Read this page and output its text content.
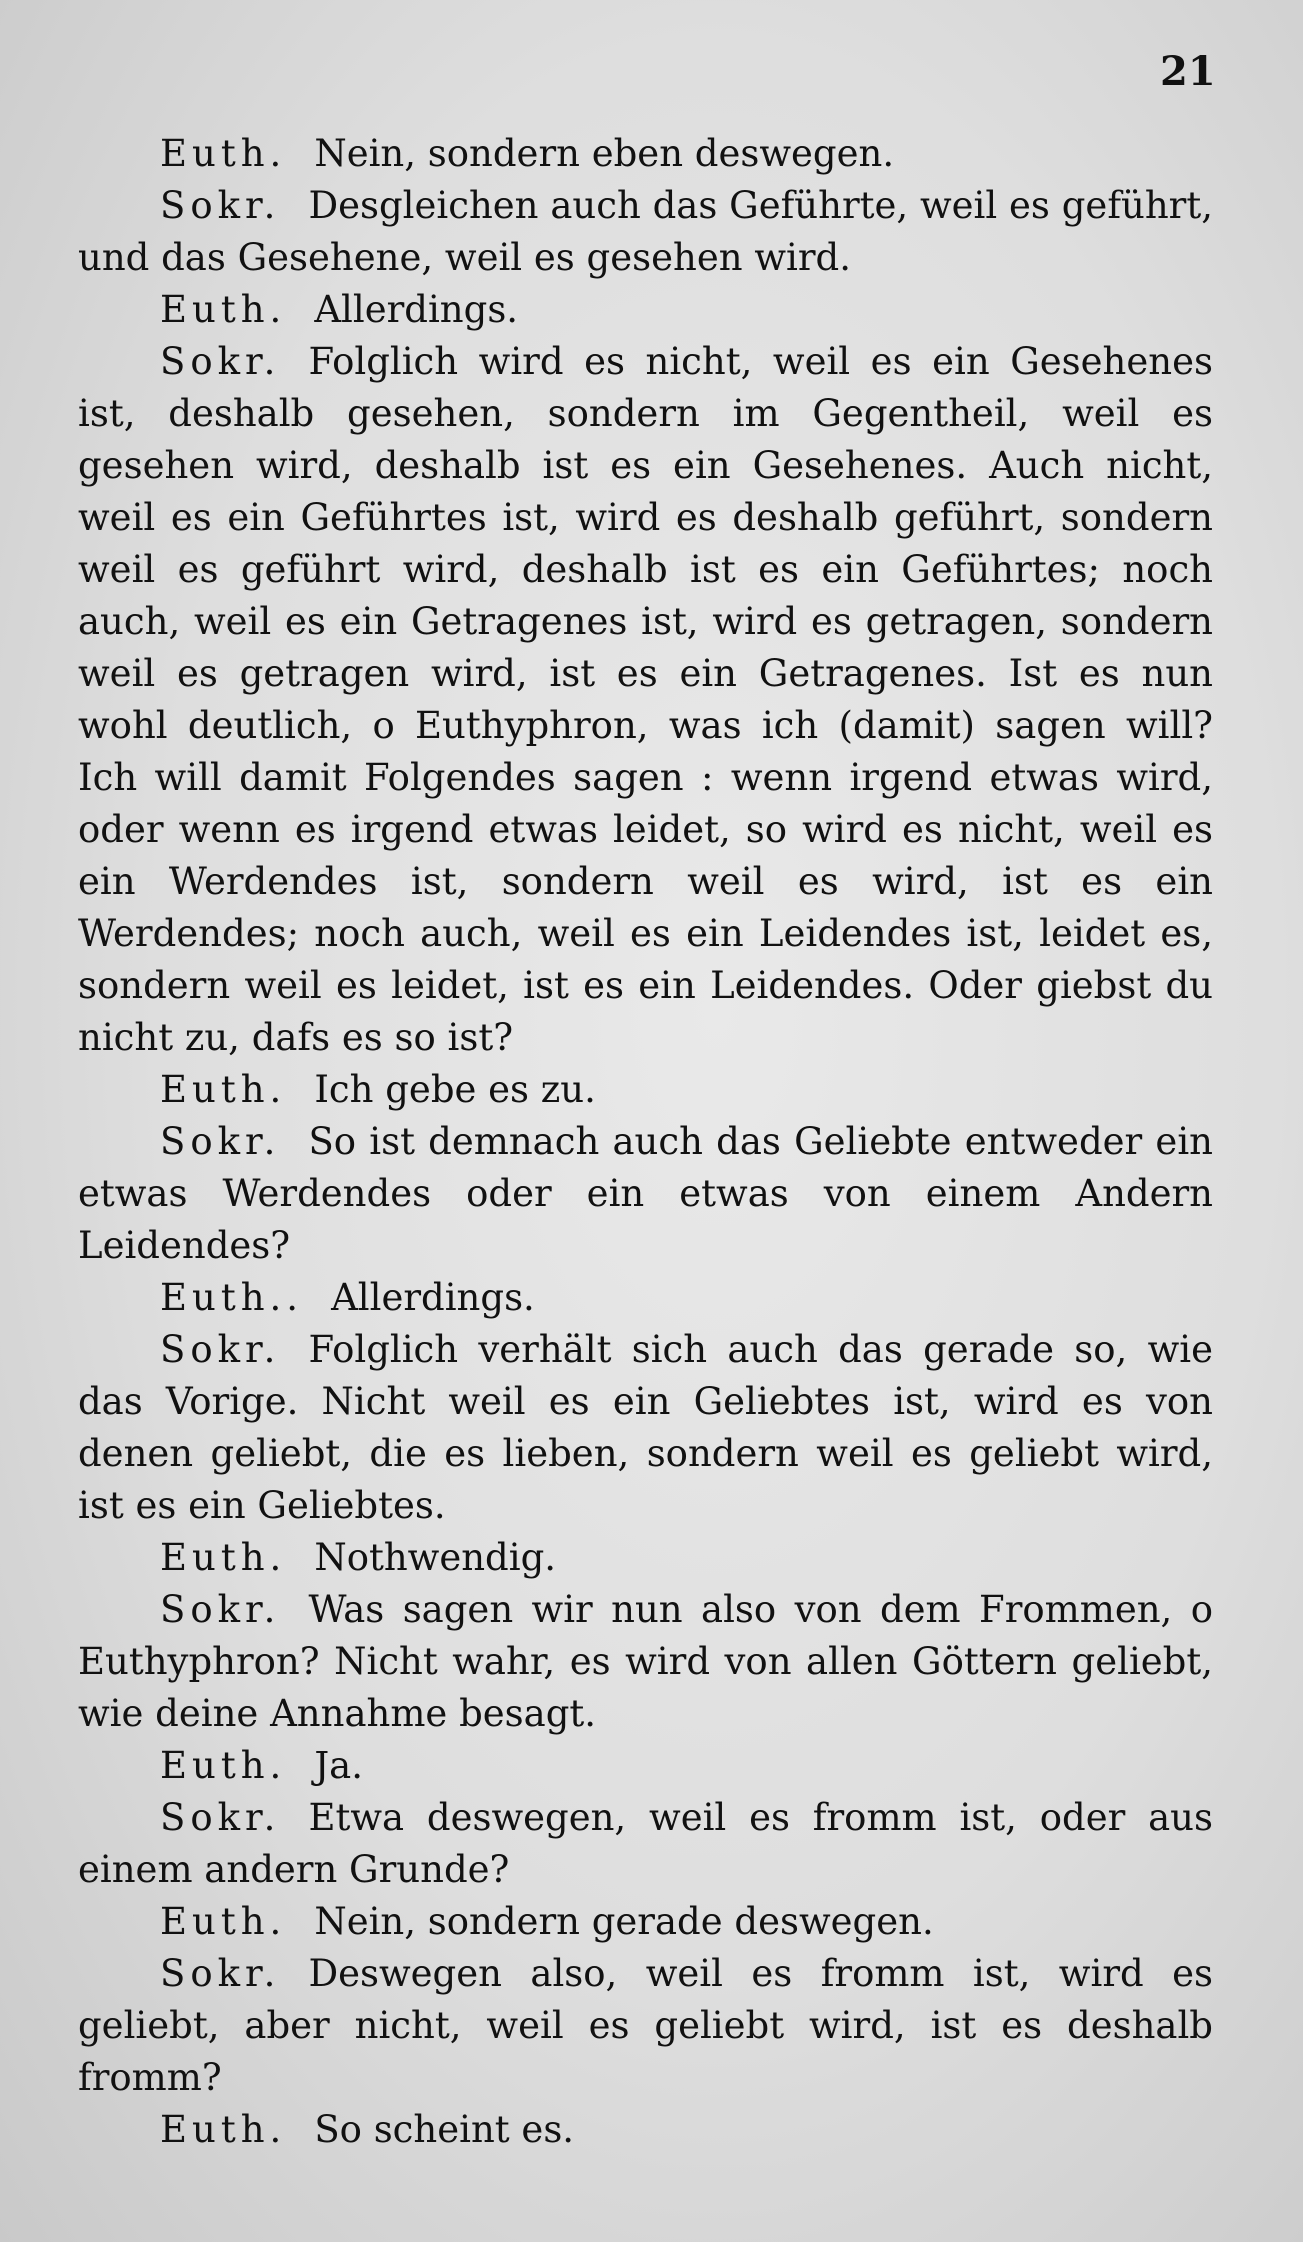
21

Euth. Nein, sondern eben deswegen.

Sokr. Desgleichen auch das Geführte, weil es geführt, und das Gesehene, weil es gesehen wird.

Euth. Allerdings.

Sokr. Folglich wird es nicht, weil es ein Gesehenes ist, deshalb gesehen, sondern im Gegentheil, weil es gesehen wird, deshalb ist es ein Gesehenes. Auch nicht, weil es ein Geführtes ist, wird es deshalb geführt, sondern weil es geführt wird, deshalb ist es ein Geführtes; noch auch, weil es ein Getragenes ist, wird es getragen, sondern weil es getragen wird, ist es ein Getragenes. Ist es nun wohl deutlich, o Euthyphron, was ich (damit) sagen will? Ich will damit Folgendes sagen : wenn irgend etwas wird, oder wenn es irgend etwas leidet, so wird es nicht, weil es ein Werdendes ist, sondern weil es wird, ist es ein Werdendes; noch auch, weil es ein Leidendes ist, leidet es, sondern weil es leidet, ist es ein Leidendes. Oder giebst du nicht zu, dafs es so ist?

Euth. Ich gebe es zu.

Sokr. So ist demnach auch das Geliebte entweder ein etwas Werdendes oder ein etwas von einem Andern Leidendes?

Euth.. Allerdings.

Sokr. Folglich verhält sich auch das gerade so, wie das Vorige. Nicht weil es ein Geliebtes ist, wird es von denen geliebt, die es lieben, sondern weil es geliebt wird, ist es ein Geliebtes.

Euth. Nothwendig.

Sokr. Was sagen wir nun also von dem Frommen, o Euthyphron? Nicht wahr, es wird von allen Göttern geliebt, wie deine Annahme besagt.

Euth. Ja.

Sokr. Etwa deswegen, weil es fromm ist, oder aus einem andern Grunde?

Euth. Nein, sondern gerade deswegen.

Sokr. Deswegen also, weil es fromm ist, wird es geliebt, aber nicht, weil es geliebt wird, ist es deshalb fromm?

Euth. So scheint es.
